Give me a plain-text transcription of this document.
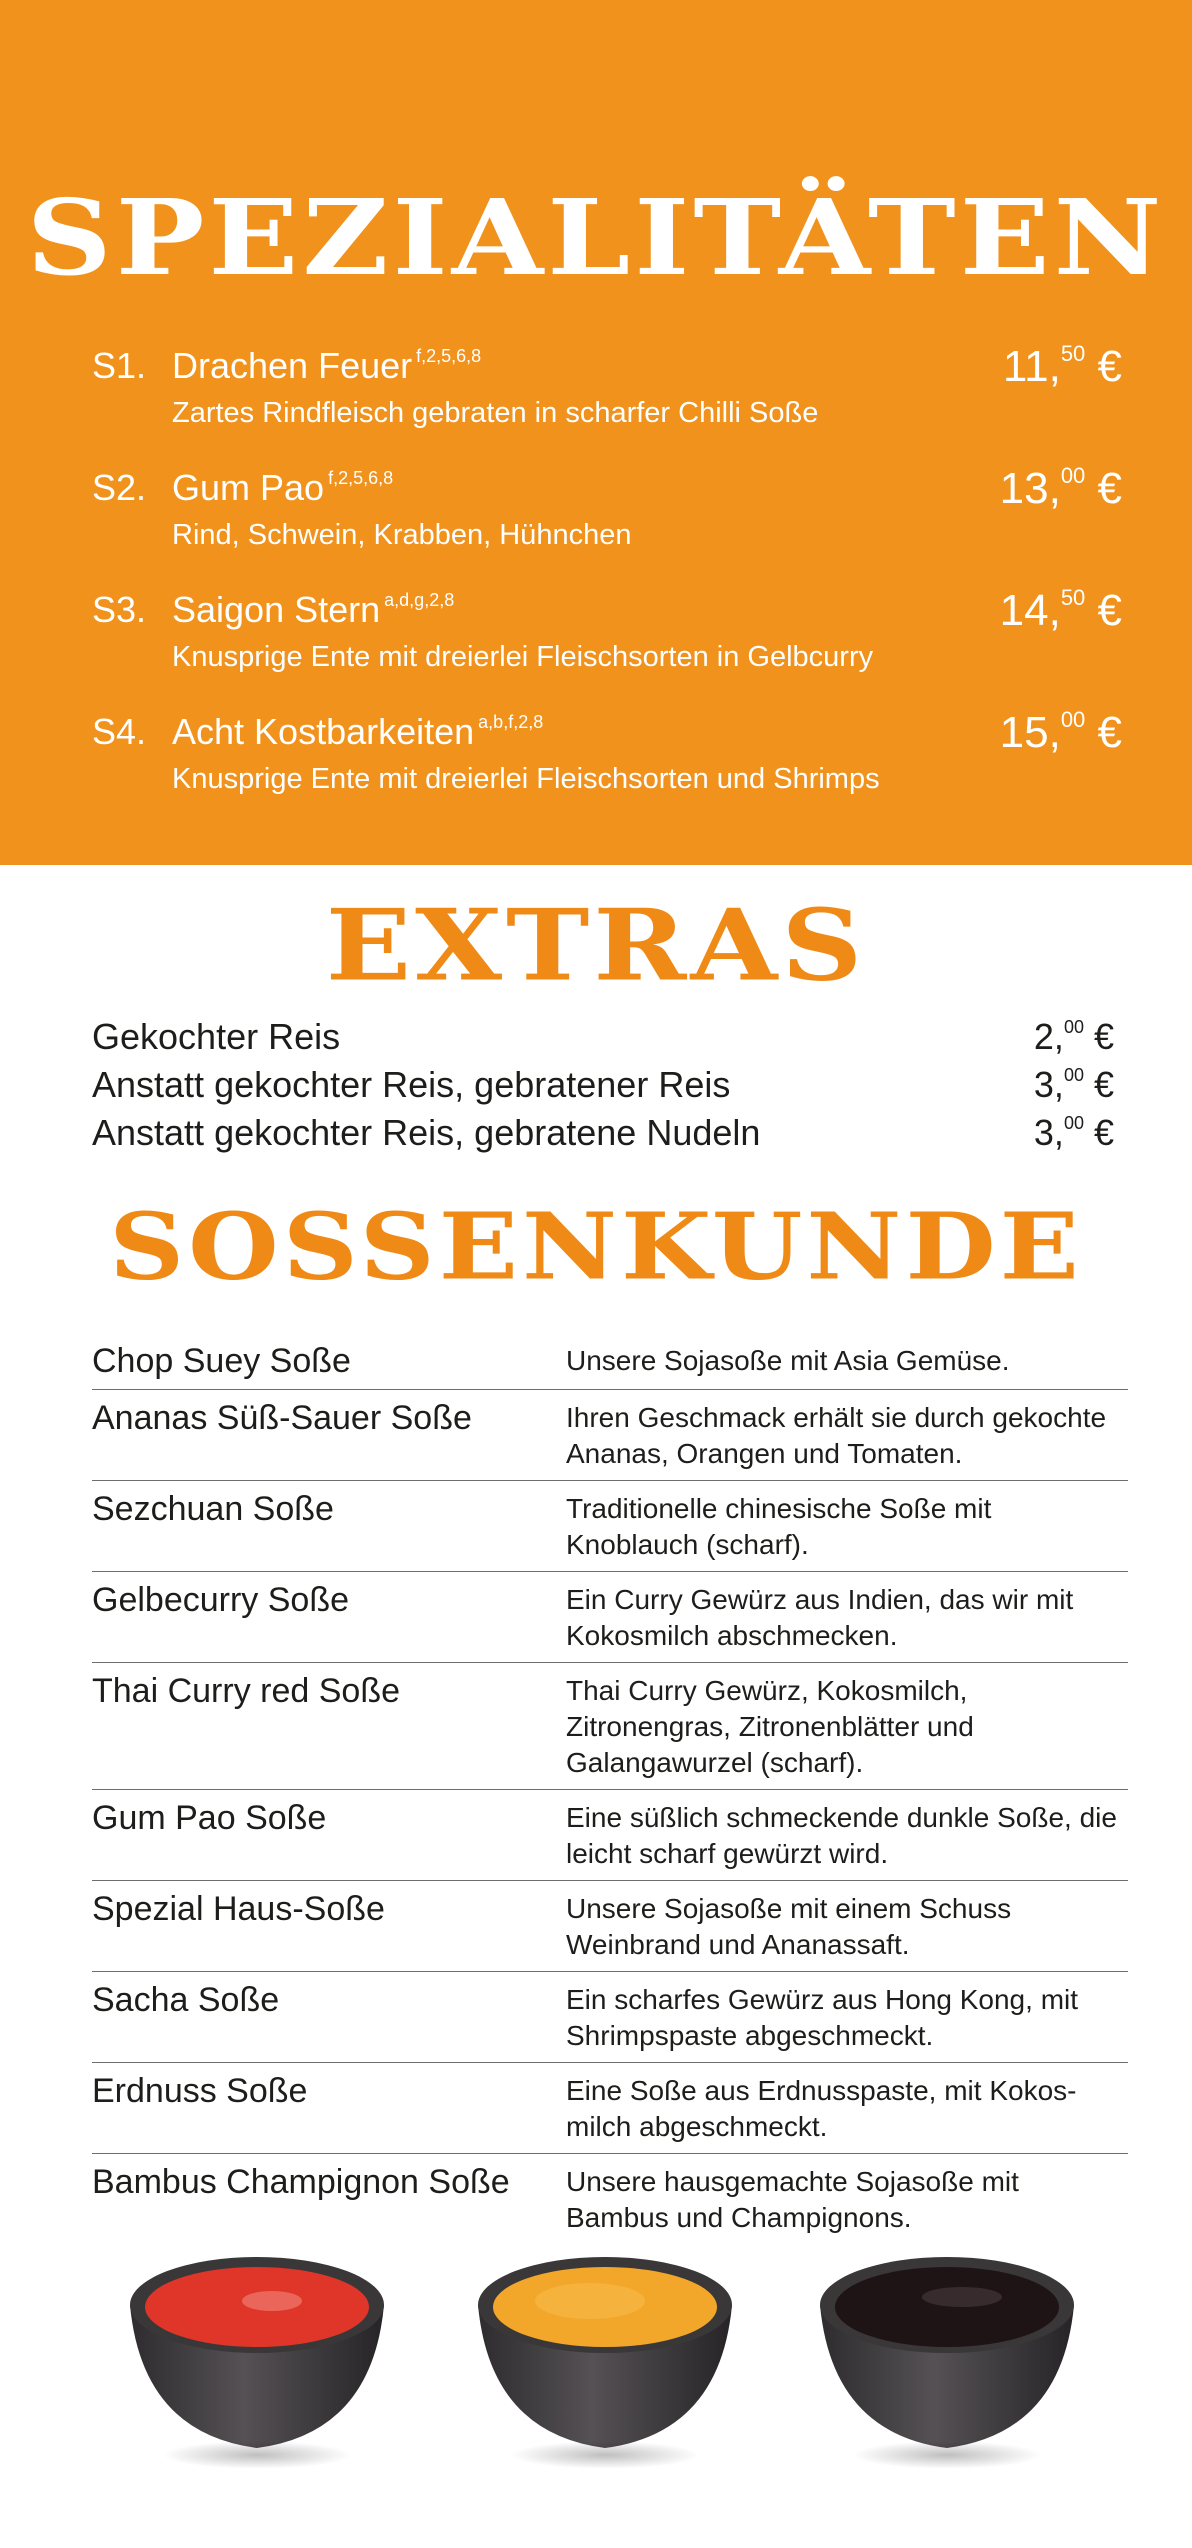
SPEZIALITÄTEN
S1. Drachen Feuer $^{f,2,5,6,8}$
Zartes Rindfleisch gebraten in scharfer Chilli Soße
11,50 €
S2. Gum Pao $^{f,2,5,6,8}$
Rind, Schwein, Krabben, Hühnchen
13,00 €
S3. Saigon Stern $^{a,d,g,2,8}$
Knusprige Ente mit dreierlei Fleischsorten in Gelbcurry
14,50 €
S4. Acht Kostbarkeiten $^{a,b,f,2,8}$
Knusprige Ente mit dreierlei Fleischsorten und Shrimps
15,00 €
EXTRAS
Gekochter Reis	2,00 €
Anstatt gekochter Reis, gebratener Reis	3,00 €
Anstatt gekochter Reis, gebratene Nudeln	3,00 €
SOSSENKUNDE
Chop Suey Soße	Unsere Sojasoße mit Asia Gemüse.
Ananas Süß-Sauer Soße	Ihren Geschmack erhält sie durch gekochte Ananas, Orangen und Tomaten.
Sezchuan Soße	Traditionelle chinesische Soße mit Knoblauch (scharf).
Gelbecurry Soße	Ein Curry Gewürz aus Indien, das wir mit Kokosmilch abschmecken.
Thai Curry red Soße	Thai Curry Gewürz, Kokosmilch, Zitronengras, Zitronenblätter und Galangawurzel (scharf).
Gum Pao Soße	Eine süßlich schmeckende dunkle Soße, die leicht scharf gewürzt wird.
Spezial Haus-Soße	Unsere Sojasoße mit einem Schuss Weinbrand und Ananassaft.
Sacha Soße	Ein scharfes Gewürz aus Hong Kong, mit Shrimpspaste abgeschmeckt.
Erdnuss Soße	Eine Soße aus Erdnusspaste, mit Kokos-milch abgeschmeckt.
Bambus Champignon Soße	Unsere hausgemachte Sojasoße mit Bambus und Champignons.
